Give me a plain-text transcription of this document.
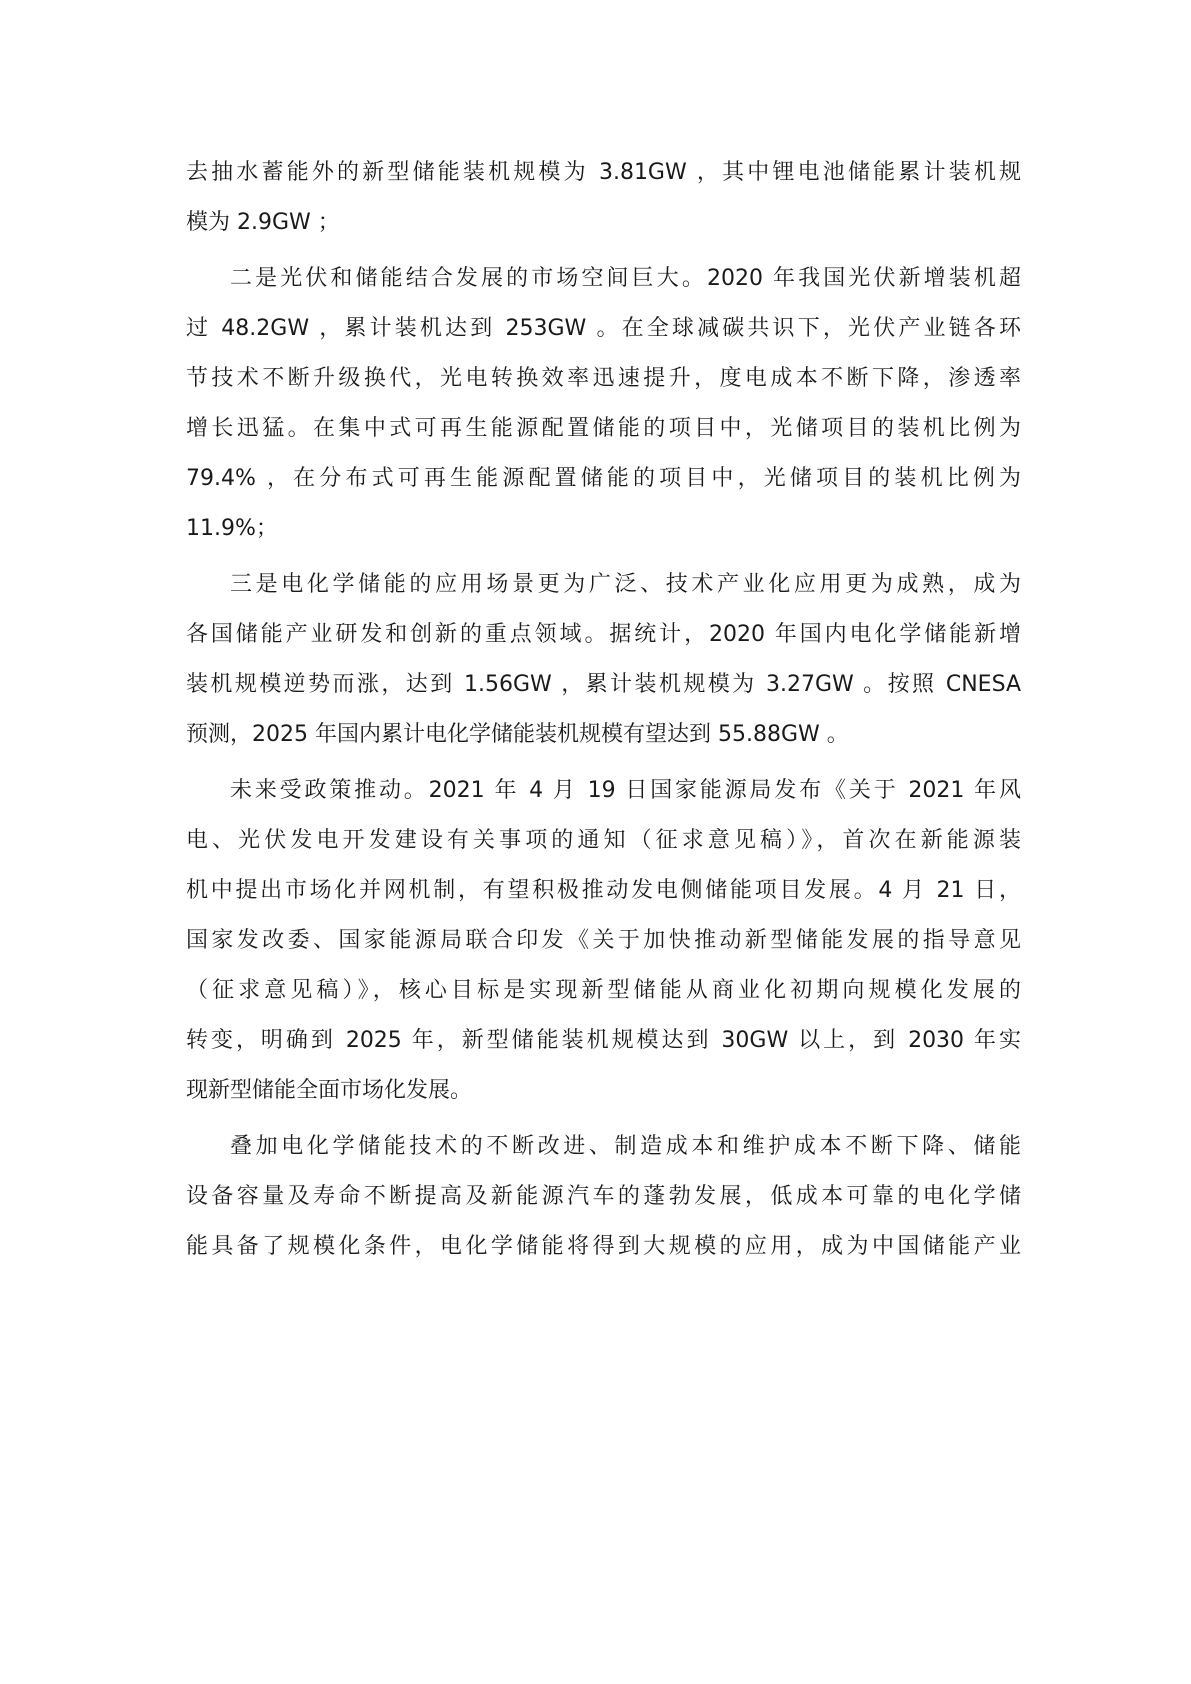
去抽水蓄能外的新型储能装机规模为 3.81GW ，其中锂电池储能累计装机规
模为 2.9GW ；
二是光伏和储能结合发展的市场空间巨大。2020 年我国光伏新增装机超
过 48.2GW ，累计装机达到 253GW 。在全球减碳共识下，光伏产业链各环
节技术不断升级换代，光电转换效率迅速提升，度电成本不断下降，渗透率
增长迅猛。在集中式可再生能源配置储能的项目中，光储项目的装机比例为
79.4% ，在分布式可再生能源配置储能的项目中，光储项目的装机比例为
11.9%；
三是电化学储能的应用场景更为广泛、技术产业化应用更为成熟，成为
各国储能产业研发和创新的重点领域。据统计，2020 年国内电化学储能新增
装机规模逆势而涨，达到 1.56GW ，累计装机规模为 3.27GW 。按照 CNESA
预测，2025 年国内累计电化学储能装机规模有望达到 55.88GW 。
未来受政策推动。2021 年 4 月 19 日国家能源局发布《关于 2021 年风
电、光伏发电开发建设有关事项的通知（征求意见稿）》，首次在新能源装
机中提出市场化并网机制，有望积极推动发电侧储能项目发展。4 月 21 日，
国家发改委、国家能源局联合印发《关于加快推动新型储能发展的指导意见
（征求意见稿）》，核心目标是实现新型储能从商业化初期向规模化发展的
转变，明确到 2025 年，新型储能装机规模达到 30GW 以上，到 2030 年实
现新型储能全面市场化发展。
叠加电化学储能技术的不断改进、制造成本和维护成本不断下降、储能
设备容量及寿命不断提高及新能源汽车的蓬勃发展，低成本可靠的电化学储
能具备了规模化条件，电化学储能将得到大规模的应用，成为中国储能产业
